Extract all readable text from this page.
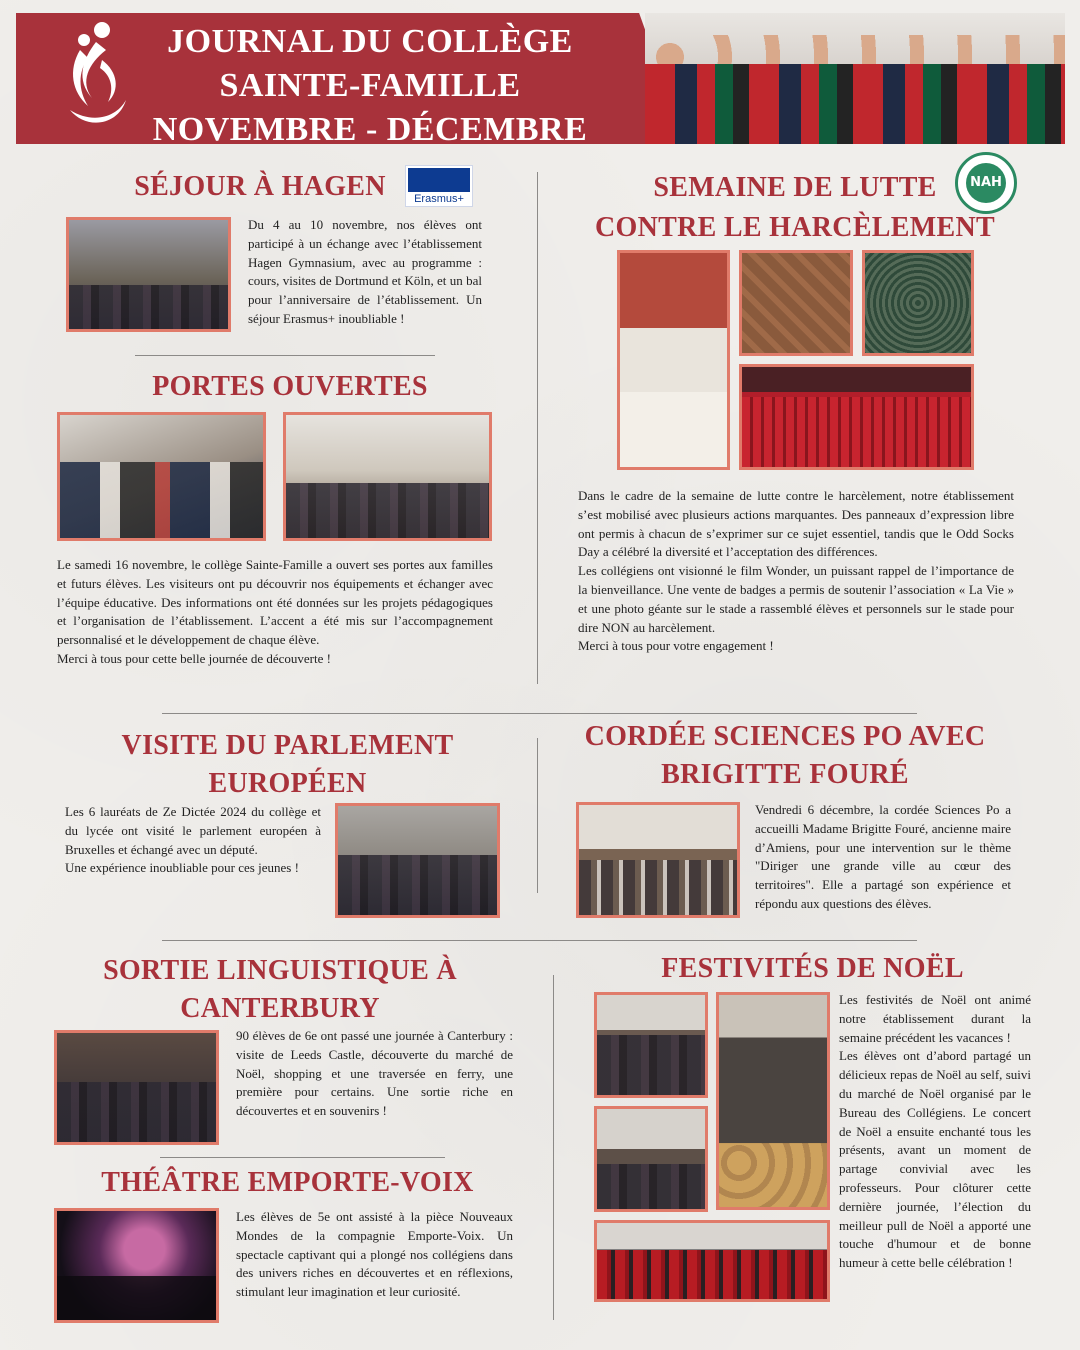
JOURNAL DU COLLÈGE
SAINTE-FAMILLE
NOVEMBRE - DÉCEMBRE
SÉJOUR À HAGEN	Erasmus+
Du 4 au 10 novembre, nos élèves ont participé à un échange avec l’établissement Hagen Gymnasium, avec au programme : cours, visites de Dortmund et Köln, et un bal pour l’anniversaire de l’établissement. Un séjour Erasmus+ inoubliable !
PORTES OUVERTES

Le samedi 16 novembre, le collège Sainte-Famille a ouvert ses portes aux familles et futurs élèves. Les visiteurs ont pu découvrir nos équipements et échanger avec l’équipe éducative. Des informations ont été données sur les projets pédagogiques et l’organisation de l’établissement. L’accent a été mis sur l’accompagnement personnalisé et le développement de chaque élève.

Merci à tous pour cette belle journée de découverte !

SEMAINE DE LUTTE
CONTRE LE HARCÈLEMENT
NAH

Dans le cadre de la semaine de lutte contre le harcèlement, notre établissement s’est mobilisé avec plusieurs actions marquantes. Des panneaux d’expression libre ont permis à chacun de s’exprimer sur ce sujet essentiel, tandis que le Odd Socks Day a célébré la diversité et l’acceptation des différences.

Les collégiens ont visionné le film Wonder, un puissant rappel de l’importance de la bienveillance. Une vente de badges a permis de soutenir l’association « La Vie » et une photo géante sur le stade a rassemblé élèves et personnels sur le stade pour dire NON au harcèlement.

Merci à tous pour votre engagement !

VISITE DU PARLEMENT
EUROPÉEN

Les 6 lauréats de Ze Dictée 2024 du collège et du lycée ont visité le parlement européen à Bruxelles et échangé avec un député.

Une expérience inoubliable pour ces jeunes !

CORDÉE SCIENCES PO AVEC
BRIGITTE FOURÉ
Vendredi 6 décembre, la cordée Sciences Po a accueilli Madame Brigitte Fouré, ancienne maire d’Amiens, pour une intervention sur le thème "Diriger une grande ville au cœur des territoires". Elle a partagé son expérience et répondu aux questions des élèves.
SORTIE LINGUISTIQUE À
CANTERBURY
90 élèves de 6e ont passé une journée à Canterbury : visite de Leeds Castle, découverte du marché de Noël, shopping et une traversée en ferry, une première pour certains. Une sortie riche en découvertes et en souvenirs !
THÉÂTRE EMPORTE-VOIX
Les élèves de 5e ont assisté à la pièce Nouveaux Mondes de la compagnie Emporte-Voix. Un spectacle captivant qui a plongé nos collégiens dans des univers riches en découvertes et en réflexions, stimulant leur imagination et leur curiosité.
FESTIVITÉS DE NOËL

Les festivités de Noël ont animé notre établissement durant la semaine précédent les vacances !

Les élèves ont d’abord partagé un délicieux repas de Noël au self, suivi du marché de Noël organisé par le Bureau des Collégiens. Le concert de Noël a ensuite enchanté tous les présents, avant un moment de partage convivial avec les professeurs. Pour clôturer cette dernière journée, l’élection du meilleur pull de Noël a apporté une touche d'humour et de bonne humeur à cette belle célébration !
